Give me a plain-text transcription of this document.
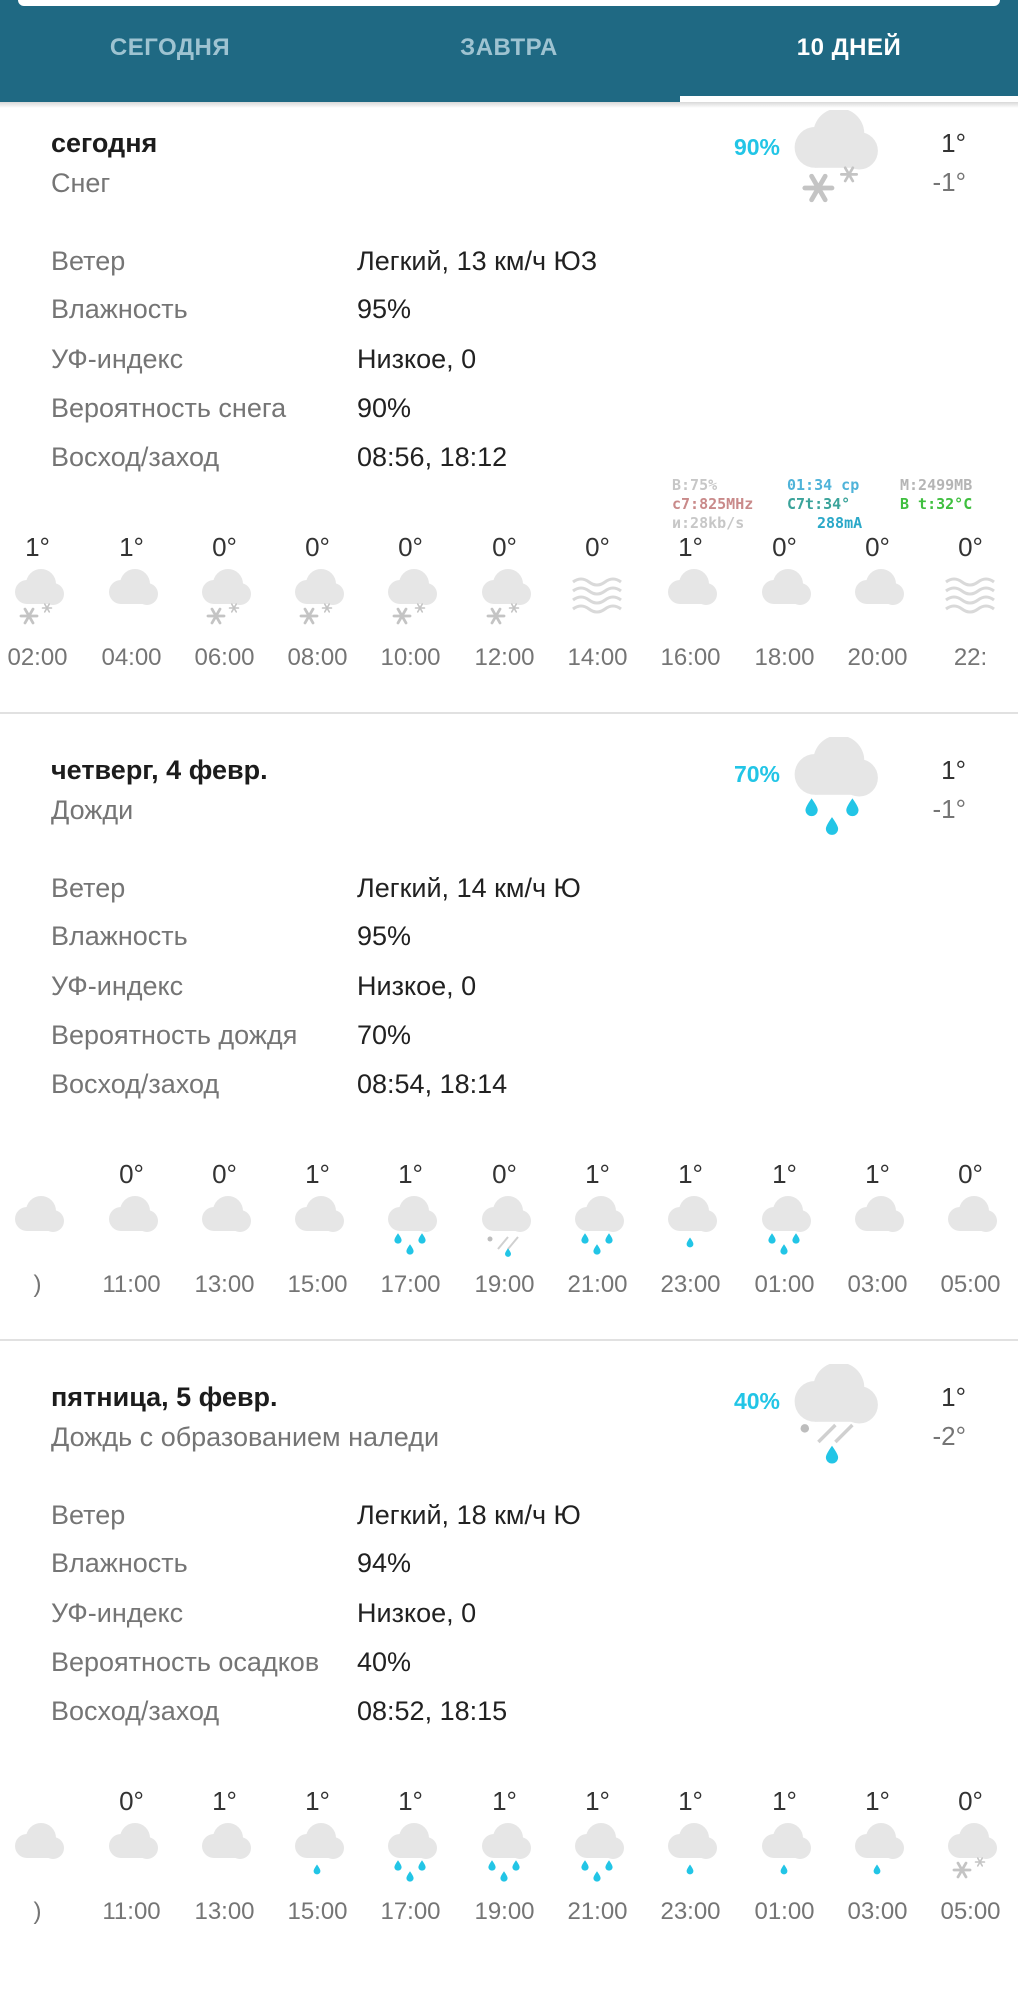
СЕГОДНЯ	ЗАВТРА	10 ДНЕЙ
сегодня
Снег
90%	1°
-1°
Ветер	Легкий, 13 км/ч ЮЗ
Влажность	95%
УФ-индекс	Низкое, 0
Вероятность снега	90%
Восход/заход	08:56, 18:12
1°
02:00
1°
04:00
0°
06:00
0°
08:00
0°
10:00
0°
12:00
0°
14:00
1°
16:00
0°
18:00
0°
20:00
0°
22:
четверг, 4 февр.
Дожди
70%	1°
-1°
Ветер	Легкий, 14 км/ч Ю
Влажность	95%
УФ-индекс	Низкое, 0
Вероятность дождя 70%
Восход/заход	08:54, 18:14
)
0°
11:00
0°
13:00
1°
15:00
1°
17:00
0°
19:00
1°
21:00
1°
23:00
1°
01:00
1°
03:00
0°
05:00
пятница, 5 февр.
Дождь с образованием наледи
40%	1°
-2°
Ветер	Легкий, 18 км/ч Ю
Влажность	94%
УФ-индекс	Низкое, 0
Вероятность осадков 40%
Восход/заход	08:52, 18:15
)
0°
11:00
1°
13:00
1°
15:00
1°
17:00
1°
19:00
1°
21:00
1°
23:00
1°
01:00
1°
03:00
0°
05:00
B:75%
c7:825MHz
и:28kb/s
01:34 cp
C7t:34°
288mA
M:2499MB
B t:32°C
